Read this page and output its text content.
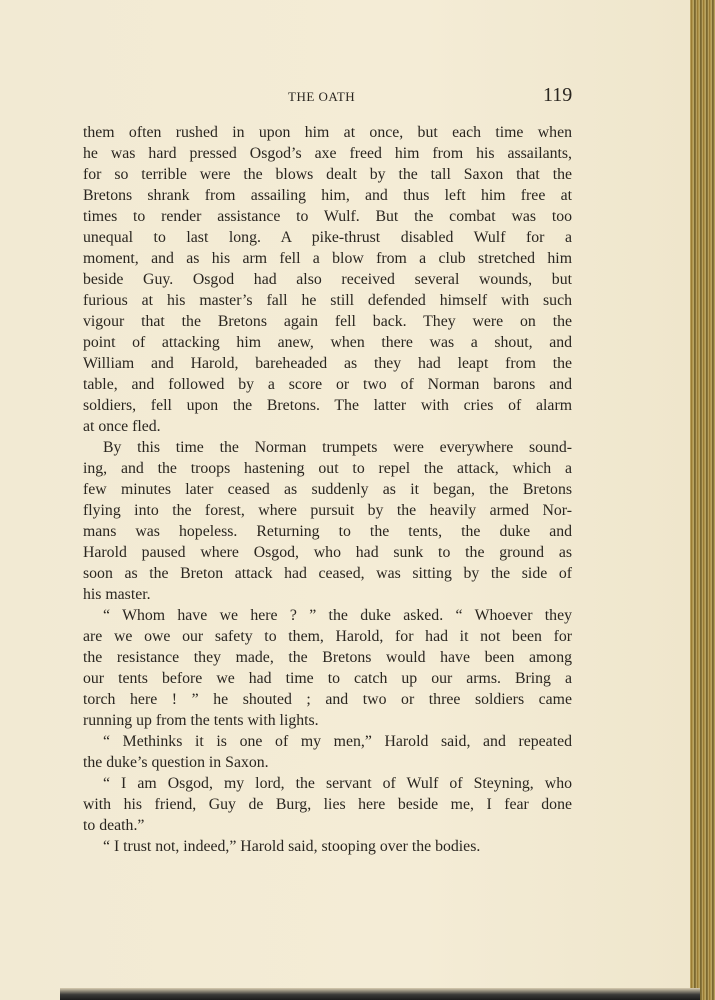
THE OATH	119
them often rushed in upon him at once, but each time when
he was hard pressed Osgod’s axe freed him from his assailants,
for so terrible were the blows dealt by the tall Saxon that the
Bretons shrank from assailing him, and thus left him free at
times to render assistance to Wulf. But the combat was too
unequal to last long. A pike-thrust disabled Wulf for a
moment, and as his arm fell a blow from a club stretched him
beside Guy. Osgod had also received several wounds, but
furious at his master’s fall he still defended himself with such
vigour that the Bretons again fell back. They were on the
point of attacking him anew, when there was a shout, and
William and Harold, bareheaded as they had leapt from the
table, and followed by a score or two of Norman barons and
soldiers, fell upon the Bretons. The latter with cries of alarm
at once fled.
By this time the Norman trumpets were everywhere sound-
ing, and the troops hastening out to repel the attack, which a
few minutes later ceased as suddenly as it began, the Bretons
flying into the forest, where pursuit by the heavily armed Nor-
mans was hopeless. Returning to the tents, the duke and
Harold paused where Osgod, who had sunk to the ground as
soon as the Breton attack had ceased, was sitting by the side of
his master.
“ Whom have we here ? ” the duke asked. “ Whoever they
are we owe our safety to them, Harold, for had it not been for
the resistance they made, the Bretons would have been among
our tents before we had time to catch up our arms. Bring a
torch here ! ” he shouted ; and two or three soldiers came
running up from the tents with lights.
“ Methinks it is one of my men,” Harold said, and repeated
the duke’s question in Saxon.
“ I am Osgod, my lord, the servant of Wulf of Steyning, who
with his friend, Guy de Burg, lies here beside me, I fear done
to death.”
“ I trust not, indeed,” Harold said, stooping over the bodies.
